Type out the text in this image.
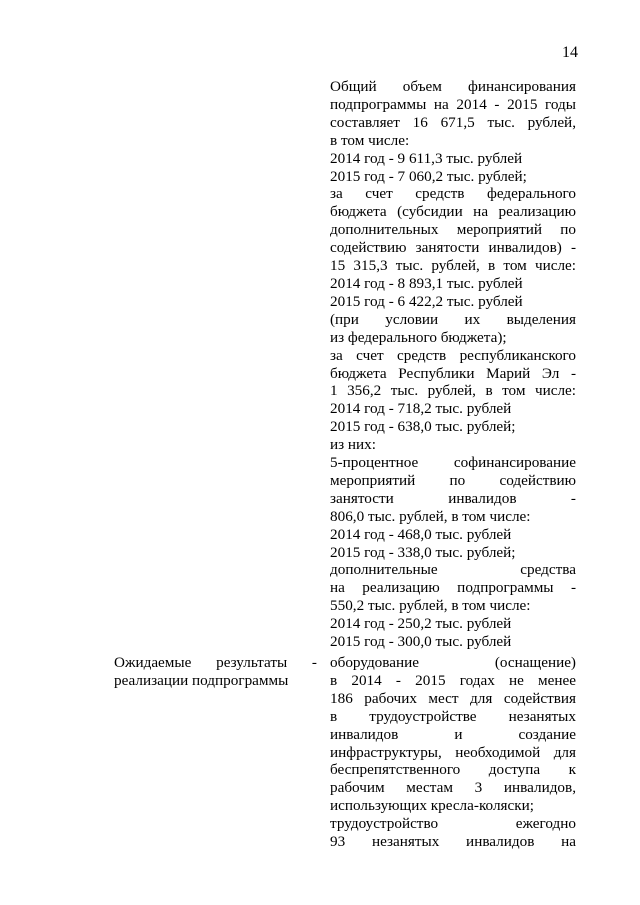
14
Общий объем финансирования
подпрограммы на 2014 - 2015 годы
составляет 16 671,5 тыс. рублей,
в том числе:
2014 год - 9 611,3 тыс. рублей
2015 год - 7 060,2 тыс. рублей;
за счет средств федерального
бюджета (субсидии на реализацию
дополнительных мероприятий по
содействию занятости инвалидов) -
15 315,3 тыс. рублей, в том числе:
2014 год - 8 893,1 тыс. рублей
2015 год - 6 422,2 тыс. рублей
(при условии их выделения
из федерального бюджета);
за счет средств республиканского
бюджета Республики Марий Эл -
1 356,2 тыс. рублей, в том числе:
2014 год - 718,2 тыс. рублей
2015 год - 638,0 тыс. рублей;
из них:
5-процентное софинансирование
мероприятий по содействию
занятости инвалидов -
806,0 тыс. рублей, в том числе:
2014 год - 468,0 тыс. рублей
2015 год - 338,0 тыс. рублей;
дополнительные средства
на реализацию подпрограммы -
550,2 тыс. рублей, в том числе:
2014 год - 250,2 тыс. рублей
2015 год - 300,0 тыс. рублей
Ожидаемые результаты -
реализации подпрограммы
оборудование (оснащение)
в 2014 - 2015 годах не менее
186 рабочих мест для содействия
в трудоустройстве незанятых
инвалидов и создание
инфраструктуры, необходимой для
беспрепятственного доступа к
рабочим местам 3 инвалидов,
использующих кресла-коляски;
трудоустройство ежегодно
93 незанятых инвалидов на
